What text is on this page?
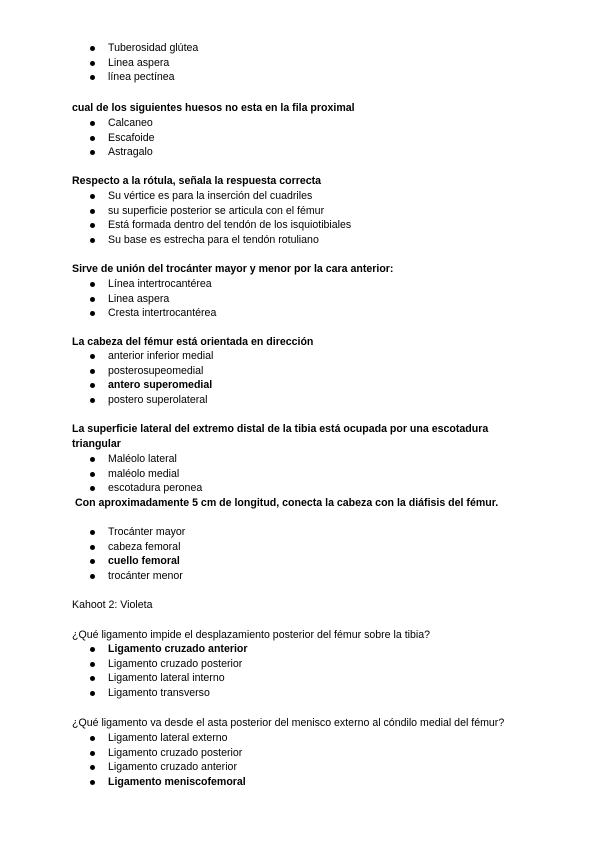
Tuberosidad glútea
Linea aspera
línea pectínea

cual de los siguientes huesos no esta en la fila proximal

Calcaneo
Escafoide
Astragalo

Respecto a la rótula, señala la respuesta correcta

Su vértice es para la inserción del cuadriles
su superficie posterior se articula con el fémur
Está formada dentro del tendón de los isquiotibiales
Su base es estrecha para el tendón rotuliano

Sirve de unión del trocánter mayor y menor por la cara anterior:

Línea intertrocantérea
Linea aspera
Cresta intertrocantérea

La cabeza del fémur está orientada en dirección

anterior inferior medial
posterosupeomedial
antero superomedial
postero superolateral

La superficie lateral del extremo distal de la tibia está ocupada por una escotadura triangular

Maléolo lateral
maléolo medial
escotadura peronea

Con aproximadamente 5 cm de longitud, conecta la cabeza con la diáfisis del fémur.

Trocánter mayor
cabeza femoral
cuello femoral
trocánter menor

Kahoot 2: Violeta

¿Qué ligamento impide el desplazamiento posterior del fémur sobre la tibia?

Ligamento cruzado anterior
Ligamento cruzado posterior
Ligamento lateral interno
Ligamento transverso

¿Qué ligamento va desde el asta posterior del menisco externo al cóndilo medial del fémur?

Ligamento lateral externo
Ligamento cruzado posterior
Ligamento cruzado anterior
Ligamento meniscofemoral
